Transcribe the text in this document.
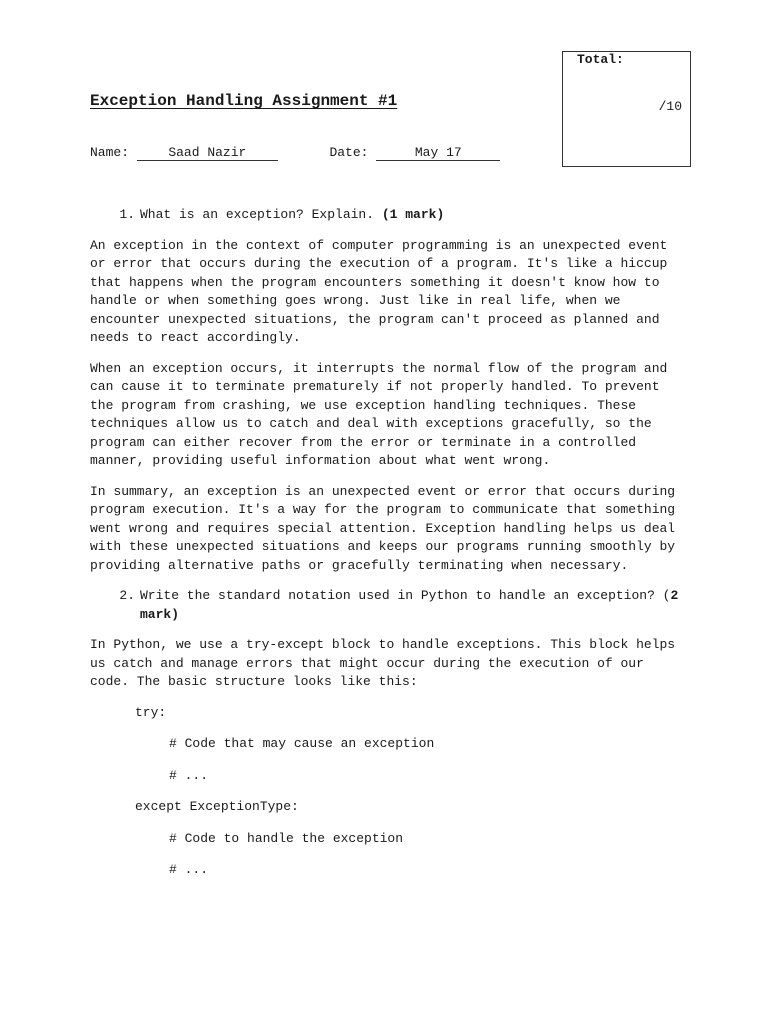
Total:
/10
Exception Handling Assignment #1
Name:	Saad Nazir	Date:	May 17
1. What is an exception? Explain. (1 mark)

An exception in the context of computer programming is an unexpected event or error that occurs during the execution of a program. It's like a hiccup that happens when the program encounters something it doesn't know how to handle or when something goes wrong. Just like in real life, when we encounter unexpected situations, the program can't proceed as planned and needs to react accordingly.

When an exception occurs, it interrupts the normal flow of the program and can cause it to terminate prematurely if not properly handled. To prevent the program from crashing, we use exception handling techniques. These techniques allow us to catch and deal with exceptions gracefully, so the program can either recover from the error or terminate in a controlled manner, providing useful information about what went wrong.

In summary, an exception is an unexpected event or error that occurs during program execution. It's a way for the program to communicate that something went wrong and requires special attention. Exception handling helps us deal with these unexpected situations and keeps our programs running smoothly by providing alternative paths or gracefully terminating when necessary.

2. Write the standard notation used in Python to handle an exception? (2 mark)

In Python, we use a try-except block to handle exceptions. This block helps us catch and manage errors that might occur during the execution of our code. The basic structure looks like this:

try:
# Code that may cause an exception
# ...
except ExceptionType:
# Code to handle the exception
# ...
